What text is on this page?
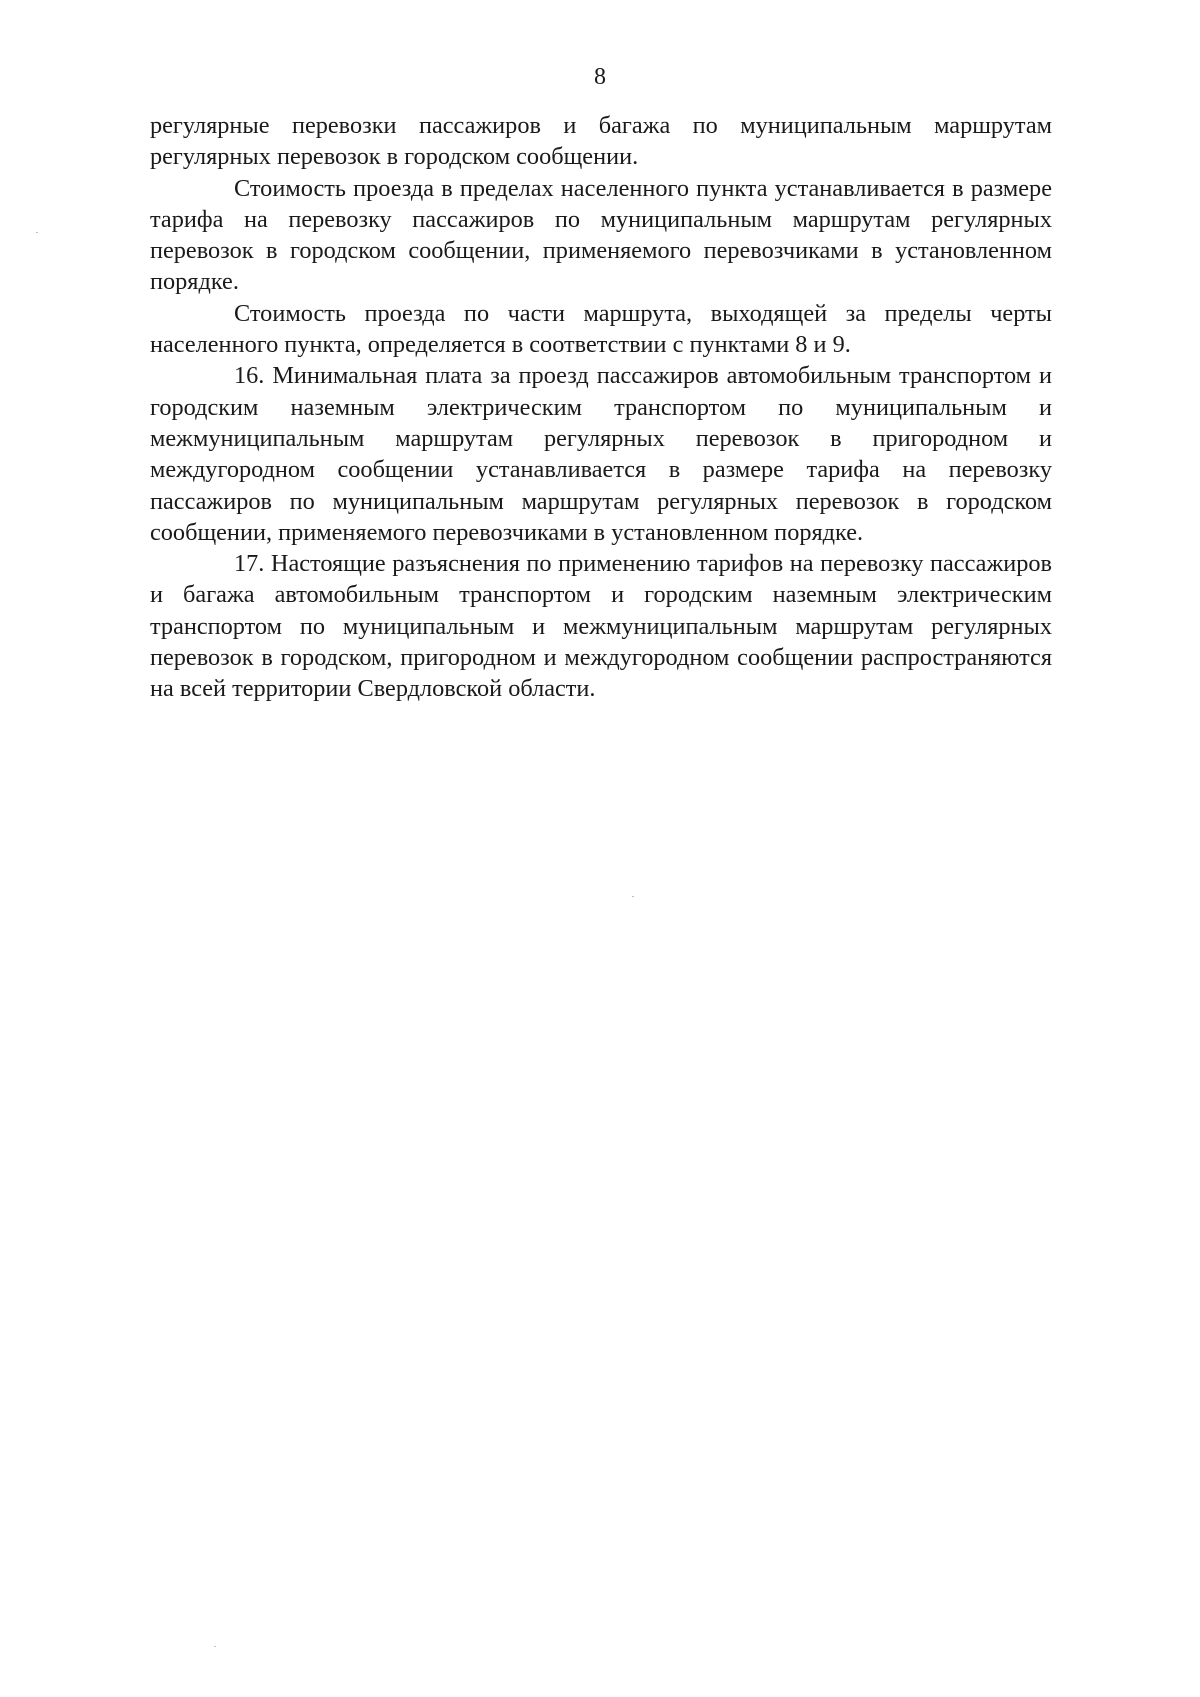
8

регулярные перевозки пассажиров и багажа по муниципальным маршрутам регулярных перевозок в городском сообщении.

Стоимость проезда в пределах населенного пункта устанавливается в размере тарифа на перевозку пассажиров по муниципальным маршрутам регулярных перевозок в городском сообщении, применяемого перевозчиками в установленном порядке.

Стоимость проезда по части маршрута, выходящей за пределы черты населенного пункта, определяется в соответствии с пунктами 8 и 9.

16. Минимальная плата за проезд пассажиров автомобильным транспортом и городским наземным электрическим транспортом по муниципальным и межмуниципальным маршрутам регулярных перевозок в пригородном и междугородном сообщении устанавливается в размере тарифа на перевозку пассажиров по муниципальным маршрутам регулярных перевозок в городском сообщении, применяемого перевозчиками в установленном порядке.

17. Настоящие разъяснения по применению тарифов на перевозку пассажиров и багажа автомобильным транспортом и городским наземным электрическим транспортом по муниципальным и межмуниципальным маршрутам регулярных перевозок в городском, пригородном и междугородном сообщении распространяются на всей территории Свердловской области.
